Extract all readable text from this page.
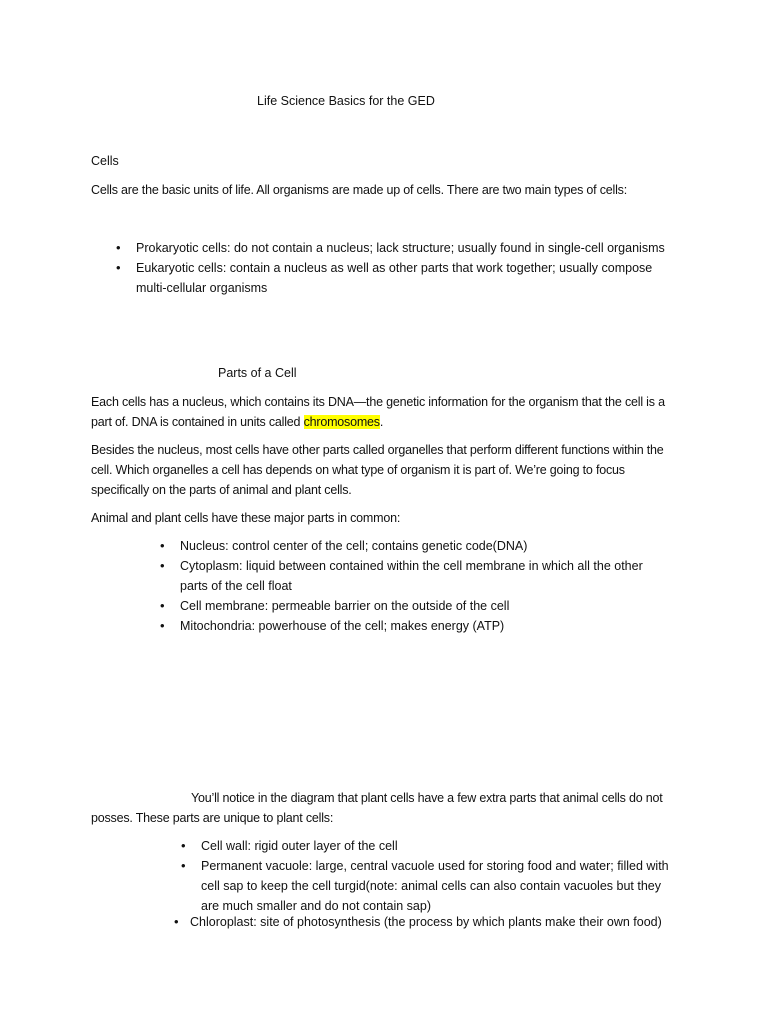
Life Science Basics for the GED
Cells
Cells are the basic units of life. All organisms are made up of cells. There are two main types of cells:
• Prokaryotic cells: do not contain a nucleus; lack structure; usually found in single-cell organisms
• Eukaryotic cells: contain a nucleus as well as other parts that work together; usually compose multi-cellular organisms
Parts of a Cell
Each cells has a nucleus, which contains its DNA—the genetic information for the organism that the cell is a part of. DNA is contained in units called chromosomes.
Besides the nucleus, most cells have other parts called organelles that perform different functions within the cell. Which organelles a cell has depends on what type of organism it is part of. We’re going to focus specifically on the parts of animal and plant cells.
Animal and plant cells have these major parts in common:
• Nucleus: control center of the cell; contains genetic code(DNA)
• Cytoplasm: liquid between contained within the cell membrane in which all the other parts of the cell float
• Cell membrane: permeable barrier on the outside of the cell
• Mitochondria: powerhouse of the cell; makes energy (ATP)
You’ll notice in the diagram that plant cells have a few extra parts that animal cells do not posses. These parts are unique to plant cells:
• Cell wall: rigid outer layer of the cell
• Permanent vacuole: large, central vacuole used for storing food and water; filled with cell sap to keep the cell turgid(note: animal cells can also contain vacuoles but they are much smaller and do not contain sap)
• Chloroplast: site of photosynthesis (the process by which plants make their own food)
